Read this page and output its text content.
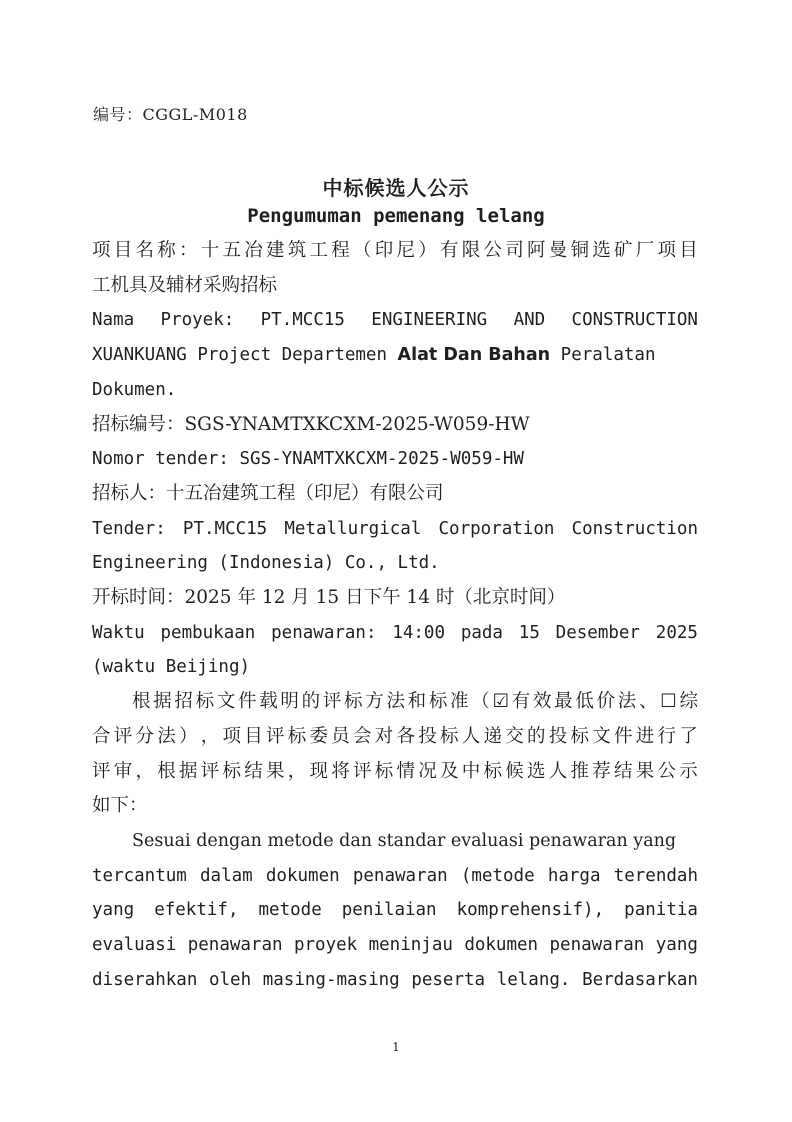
编号：CGGL-M018
中标候选人公示
Pengumuman pemenang lelang
项 目 名 称 ： 十 五 冶 建 筑 工 程 （ 印 尼 ） 有 限 公 司 阿 曼 铜 选 矿 厂 项 目
工机具及辅材采购招标
Nama Proyek: PT.MCC15 ENGINEERING AND CONSTRUCTION
XUANKUANG Project Departemen Alat Dan Bahan Peralatan
Dokumen.
招标编号：SGS-YNAMTXKCXM-2025-W059-HW
Nomor tender: SGS-YNAMTXKCXM-2025-W059-HW
招标人：十五冶建筑工程（印尼）有限公司
Tender: PT.MCC15 Metallurgical Corporation Construction
Engineering (Indonesia) Co., Ltd.
开标时间：2025 年 12 月 15 日下午 14 时（北京时间）
Waktu pembukaan penawaran: 14:00 pada 15 Desember 2025
(waktu Beijing)
根 据 招 标 文 件 载 明 的 评 标 方 法 和 标 准 （ ☑ 有 效 最 低 价 法 、 ☐ 综
合 评 分 法 ） ， 项 目 评 标 委 员 会 对 各 投 标 人 递 交 的 投 标 文 件 进 行 了
评 审 ， 根 据 评 标 结 果 ， 现 将 评 标 情 况 及 中 标 候 选 人 推 荐 结 果 公 示
如下：
Sesuai dengan metode dan standar evaluasi penawaran yang
tercantum dalam dokumen penawaran (metode harga terendah
yang efektif, metode penilaian komprehensif), panitia
evaluasi penawaran proyek meninjau dokumen penawaran yang
diserahkan oleh masing-masing peserta lelang. Berdasarkan
1
